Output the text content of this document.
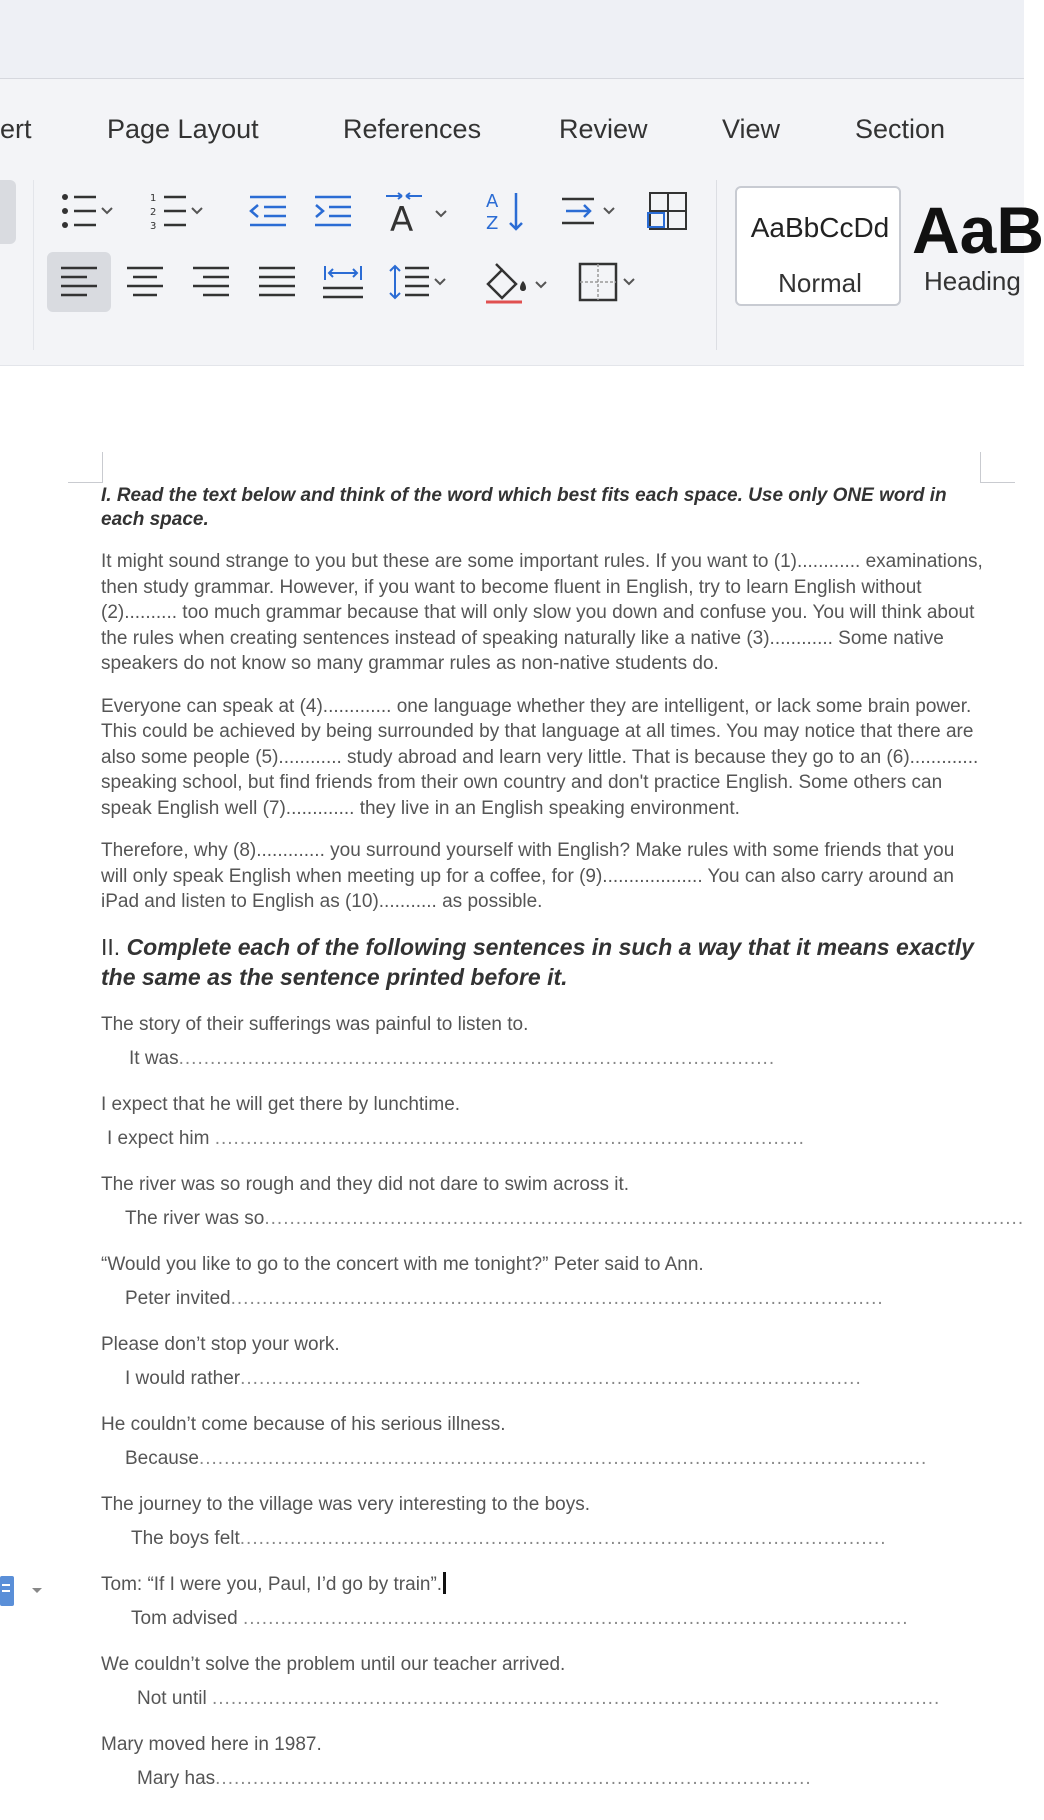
ert	Page Layout	References	Review	View	Section
1
2
3	A	A
Z	AaBbCcDd
Normal
AaB
Heading

I. Read the text below and think of the word which best fits each space. Use only ONE word in each space.

It might sound strange to you but these are some important rules. If you want to (1)............ examinations, then study grammar. However, if you want to become fluent in English, try to learn English without (2).......... too much grammar because that will only slow you down and confuse you. You will think about the rules when creating sentences instead of speaking naturally like a native (3)............ Some native speakers do not know so many grammar rules as non-native students do.

Everyone can speak at (4)............. one language whether they are intelligent, or lack some brain power. This could be achieved by being surrounded by that language at all times. You may notice that there are also some people (5)............ study abroad and learn very little. That is because they go to an (6)............. speaking school, but find friends from their own country and don't practice English. Some others can speak English well (7)............. they live in an English speaking environment.

Therefore, why (8)............. you surround yourself with English? Make rules with some friends that you will only speak English when meeting up for a coffee, for (9)................... You can also carry around an iPad and listen to English as (10)........... as possible.

II. Complete each of the following sentences in such a way that it means exactly the same as the sentence printed before it.

The story of their sufferings was painful to listen to.

It was...............................................................................................

I expect that he will get there by lunchtime.

I expect him ..............................................................................................

The river was so rough and they did not dare to swim across it.

The river was so.........................................................................................................................

“Would you like to go to the concert with me tonight?” Peter said to Ann.

Peter invited........................................................................................................

Please don’t stop your work.

I would rather...................................................................................................

He couldn’t come because of his serious illness.

Because....................................................................................................................

The journey to the village was very interesting to the boys.

The boys felt.......................................................................................................

Tom: “If I were you, Paul, I’d go by train”.

Tom advised ..........................................................................................................

We couldn’t solve the problem until our teacher arrived.

Not until ....................................................................................................................

Mary moved here in 1987.

Mary has...............................................................................................
